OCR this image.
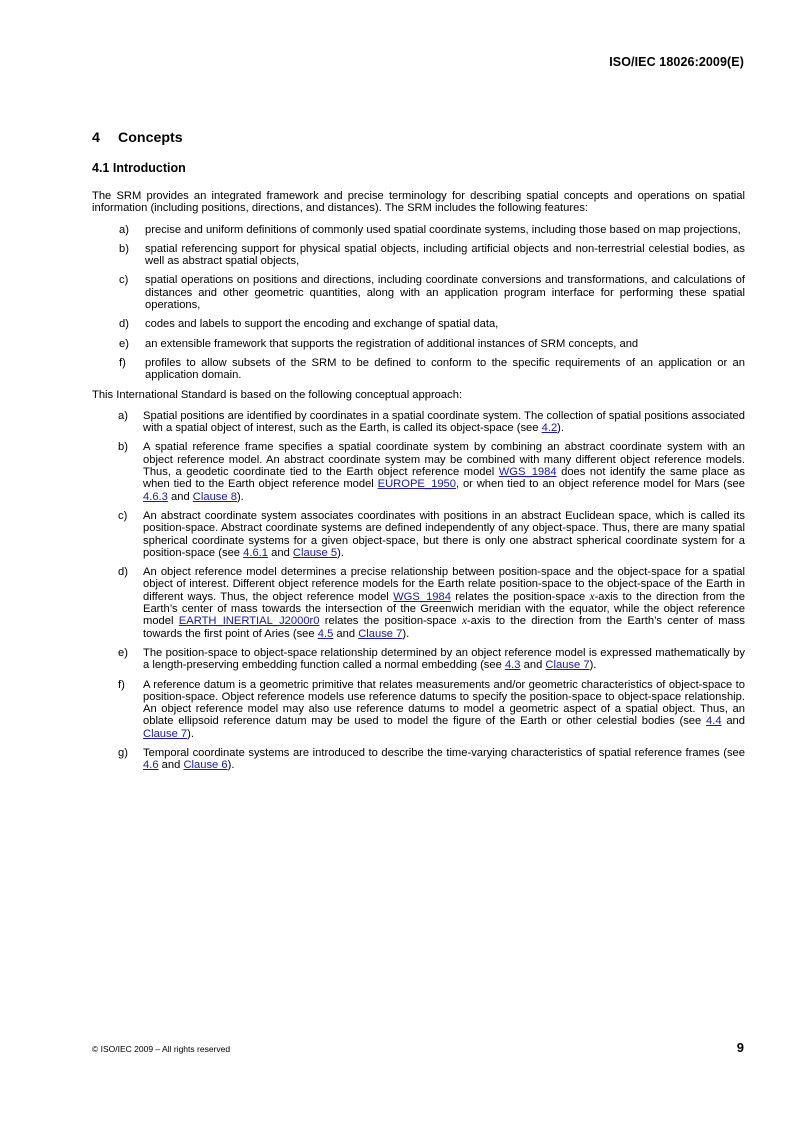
ISO/IEC 18026:2009(E)
4 Concepts
4.1 Introduction

The SRM provides an integrated framework and precise terminology for describing spatial concepts and operations on spatial information (including positions, directions, and distances). The SRM includes the following features:

a) precise and uniform definitions of commonly used spatial coordinate systems, including those based on map projections,
b) spatial referencing support for physical spatial objects, including artificial objects and non-terrestrial celestial bodies, as well as abstract spatial objects,
c) spatial operations on positions and directions, including coordinate conversions and transformations, and calculations of distances and other geometric quantities, along with an application program interface for performing these spatial operations,
d) codes and labels to support the encoding and exchange of spatial data,
e) an extensible framework that supports the registration of additional instances of SRM concepts, and
f) profiles to allow subsets of the SRM to be defined to conform to the specific requirements of an application or an application domain.

This International Standard is based on the following conceptual approach:

a) Spatial positions are identified by coordinates in a spatial coordinate system. The collection of spatial positions associated with a spatial object of interest, such as the Earth, is called its object-space (see 4.2).
b) A spatial reference frame specifies a spatial coordinate system by combining an abstract coordinate system with an object reference model. An abstract coordinate system may be combined with many different object reference models. Thus, a geodetic coordinate tied to the Earth object reference model WGS_1984 does not identify the same place as when tied to the Earth object reference model EUROPE_1950, or when tied to an object reference model for Mars (see 4.6.3 and Clause 8).
c) An abstract coordinate system associates coordinates with positions in an abstract Euclidean space, which is called its position-space. Abstract coordinate systems are defined independently of any object-space. Thus, there are many spatial spherical coordinate systems for a given object-space, but there is only one abstract spherical coordinate system for a position-space (see 4.6.1 and Clause 5).
d) An object reference model determines a precise relationship between position-space and the object-space for a spatial object of interest. Different object reference models for the Earth relate position-space to the object-space of the Earth in different ways. Thus, the object reference model WGS_1984 relates the position-space x-axis to the direction from the Earth’s center of mass towards the intersection of the Greenwich meridian with the equator, while the object reference model EARTH_INERTIAL_J2000r0 relates the position-space x-axis to the direction from the Earth’s center of mass towards the first point of Aries (see 4.5 and Clause 7).
e) The position-space to object-space relationship determined by an object reference model is expressed mathematically by a length-preserving embedding function called a normal embedding (see 4.3 and Clause 7).
f) A reference datum is a geometric primitive that relates measurements and/or geometric characteristics of object-space to position-space. Object reference models use reference datums to specify the position-space to object-space relationship. An object reference model may also use reference datums to model a geometric aspect of a spatial object. Thus, an oblate ellipsoid reference datum may be used to model the figure of the Earth or other celestial bodies (see 4.4 and Clause 7).
g) Temporal coordinate systems are introduced to describe the time-varying characteristics of spatial reference frames (see 4.6 and Clause 6).
© ISO/IEC 2009 – All rights reserved	9
